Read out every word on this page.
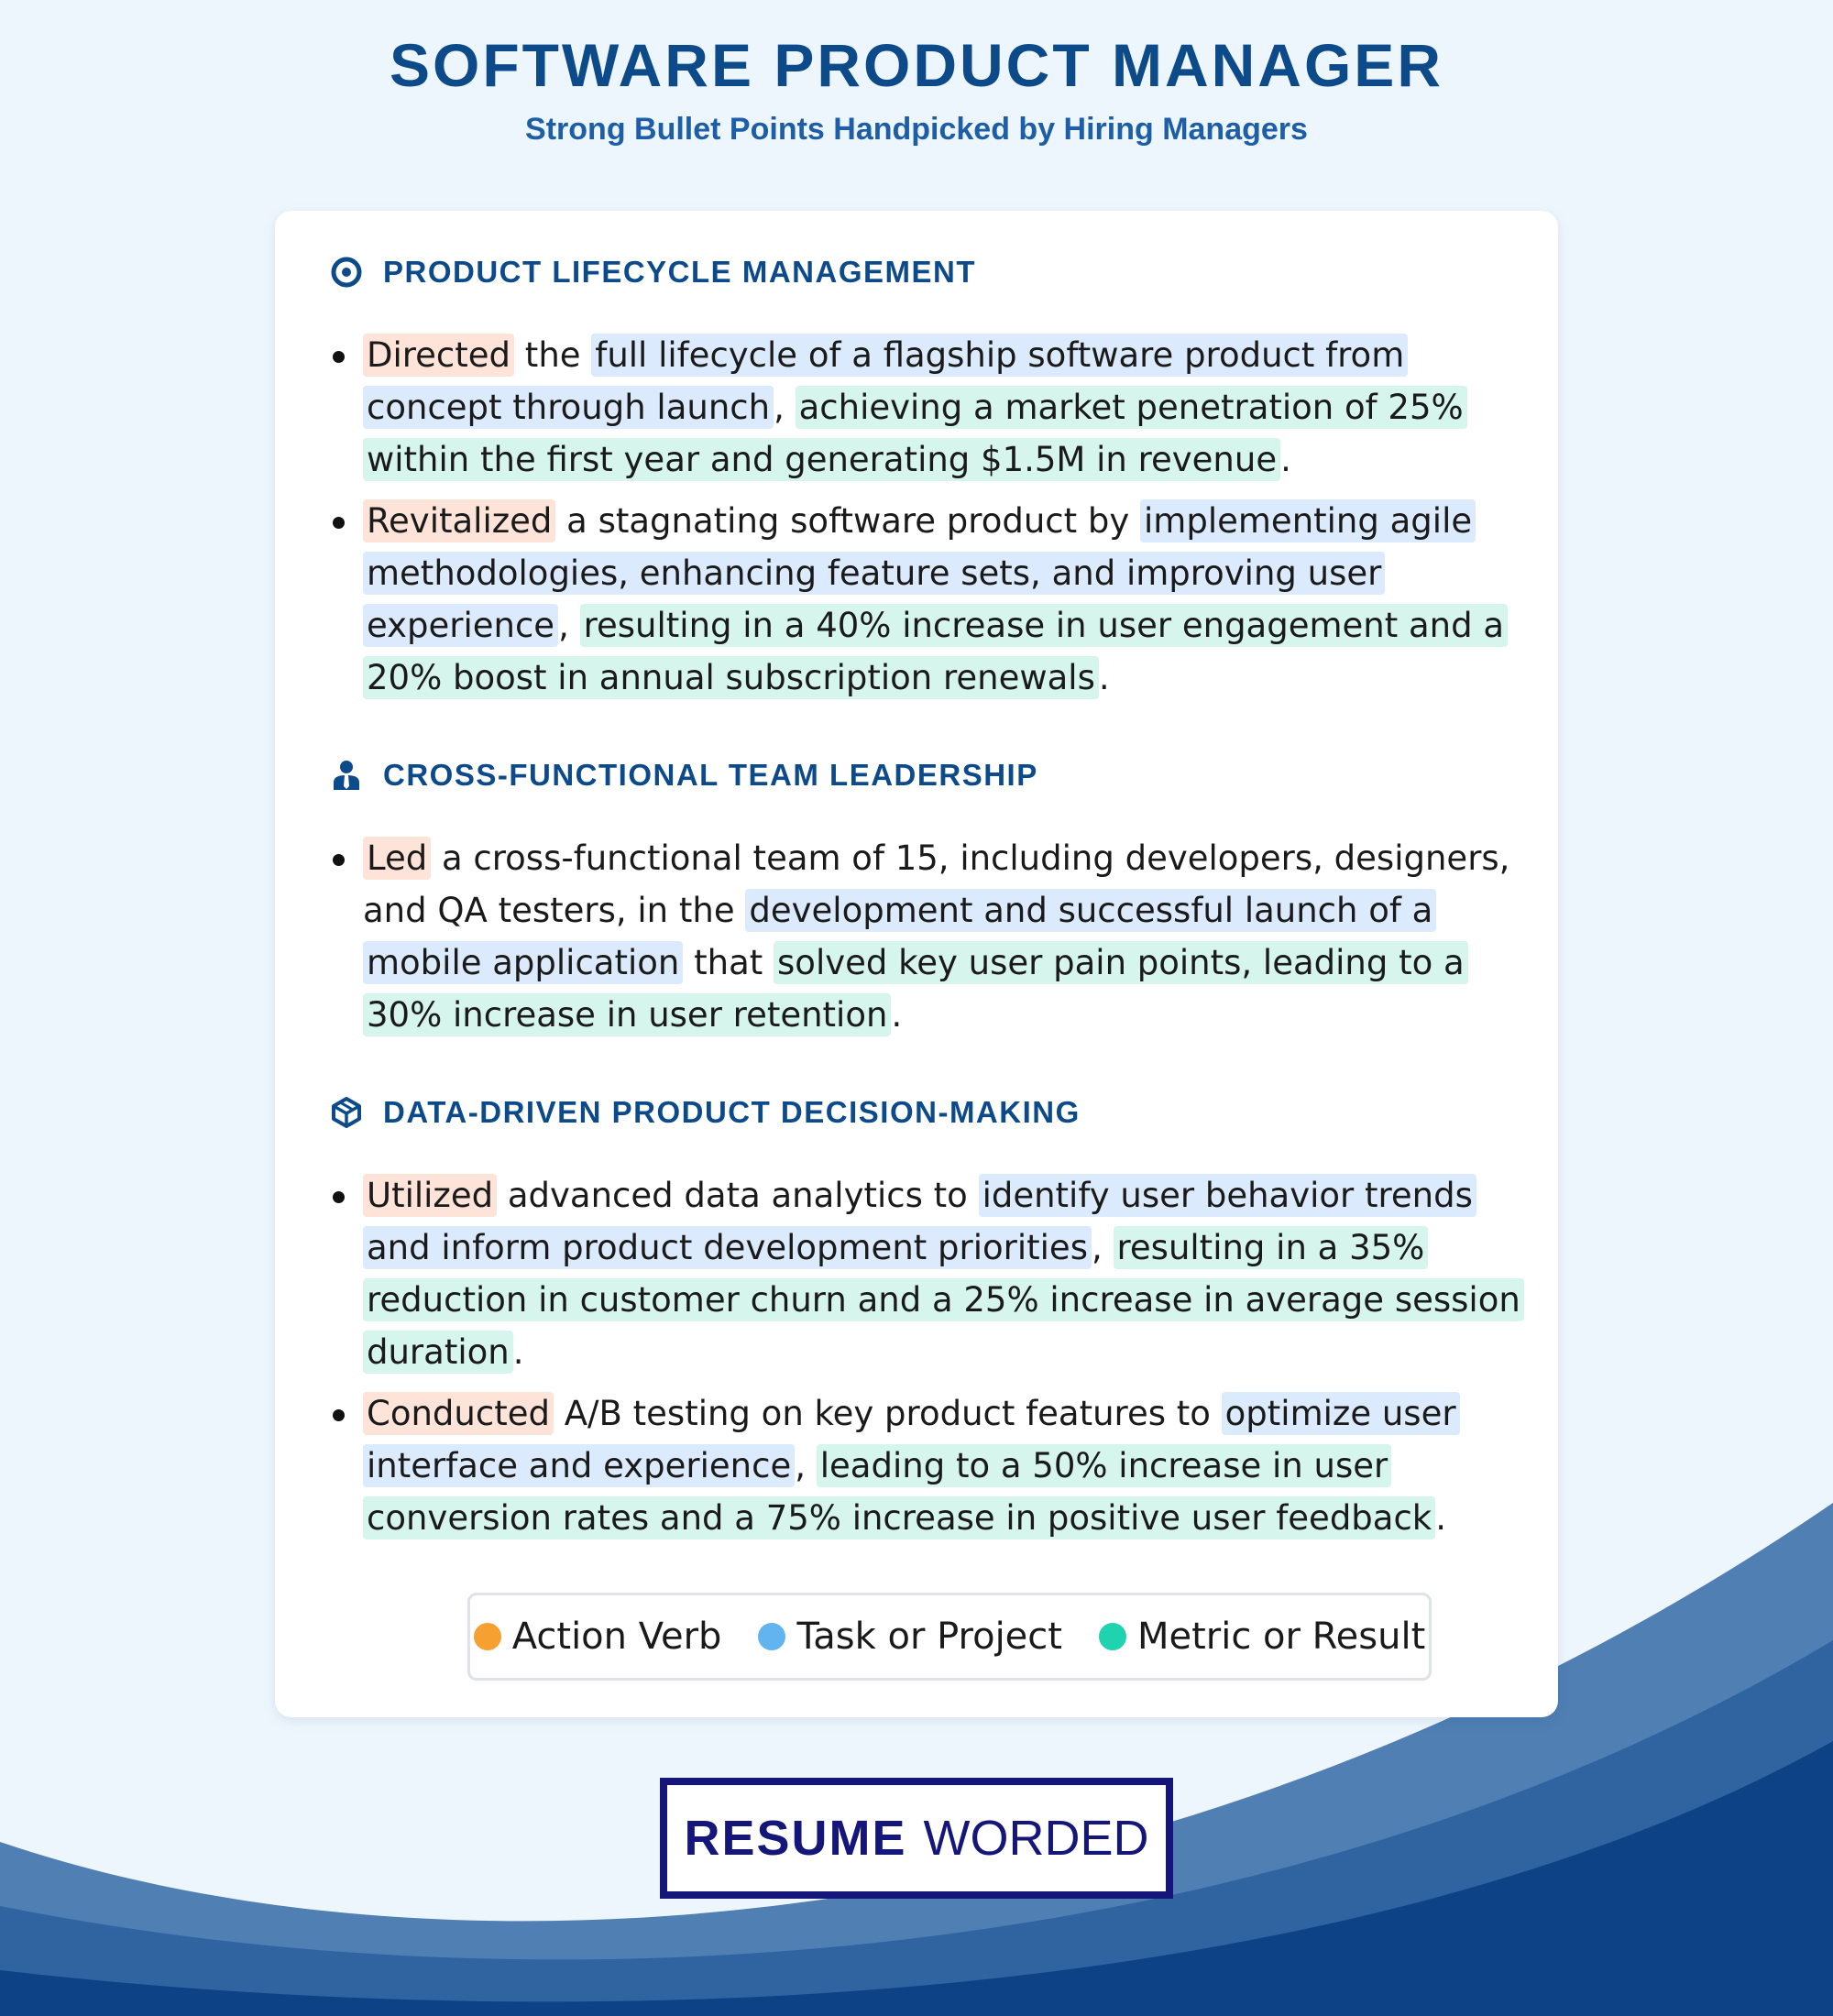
SOFTWARE PRODUCT MANAGER
Strong Bullet Points Handpicked by Hiring Managers
PRODUCT LIFECYCLE MANAGEMENT
Directed the full lifecycle of a flagship software product from concept through launch , achieving a market penetration of 25% within the first year and generating $1.5M in revenue .
Revitalized a stagnating software product by implementing agile methodologies, enhancing feature sets, and improving user experience , resulting in a 40% increase in user engagement and a 20% boost in annual subscription renewals .
CROSS-FUNCTIONAL TEAM LEADERSHIP
Led a cross-functional team of 15, including developers, designers, and QA testers, in the development and successful launch of a mobile application that solved key user pain points, leading to a 30% increase in user retention .
DATA-DRIVEN PRODUCT DECISION-MAKING
Utilized advanced data analytics to identify user behavior trends and inform product development priorities , resulting in a 35% reduction in customer churn and a 25% increase in average session duration .
Conducted A/B testing on key product features to optimize user interface and experience , leading to a 50% increase in user conversion rates and a 75% increase in positive user feedback .
Action Verb Task or Project Metric or Result
RESUME WORDED
